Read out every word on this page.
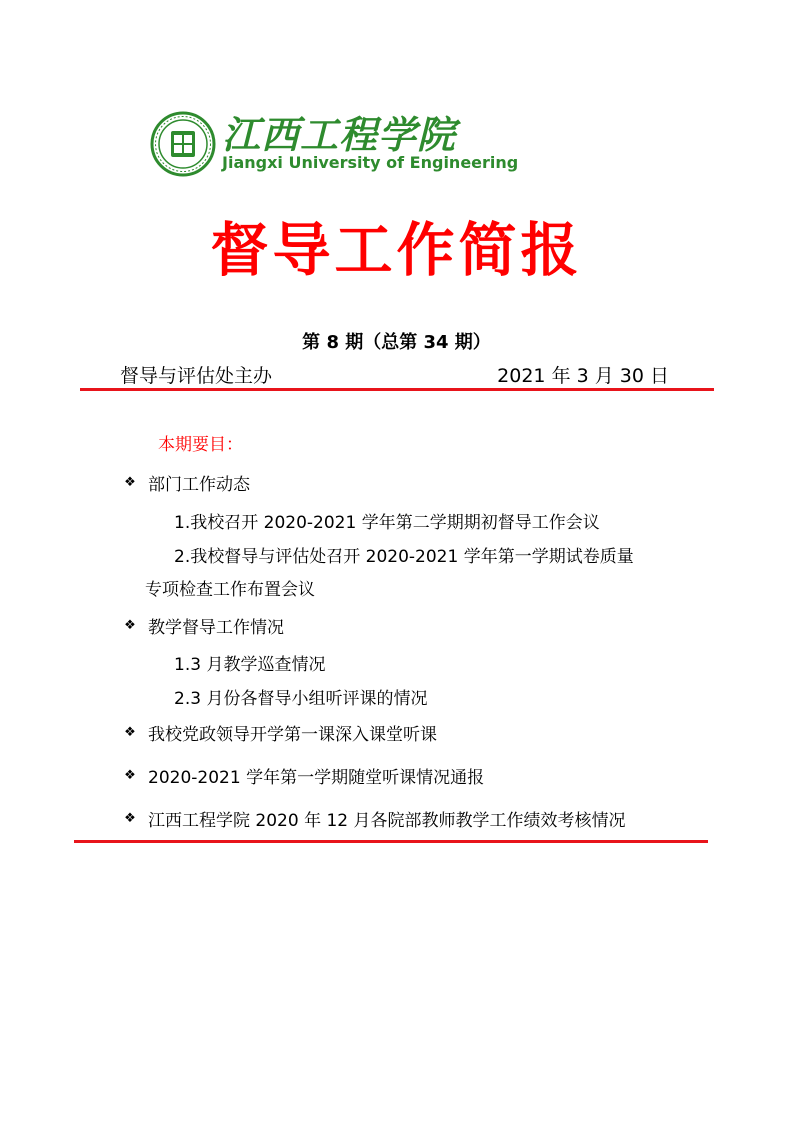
江西工程学院
Jiangxi University of Engineering
督导工作简报
第 8 期（总第 34 期）
督导与评估处主办	2021 年 3 月 30 日
本期要目：
❖ 部门工作动态
1.我校召开 2020-2021 学年第二学期期初督导工作会议
2.我校督导与评估处召开 2020-2021 学年第一学期试卷质量
专项检查工作布置会议
❖ 教学督导工作情况
1.3 月教学巡查情况
2.3 月份各督导小组听评课的情况
❖ 我校党政领导开学第一课深入课堂听课
❖ 2020-2021 学年第一学期随堂听课情况通报
❖ 江西工程学院 2020 年 12 月各院部教师教学工作绩效考核情况
